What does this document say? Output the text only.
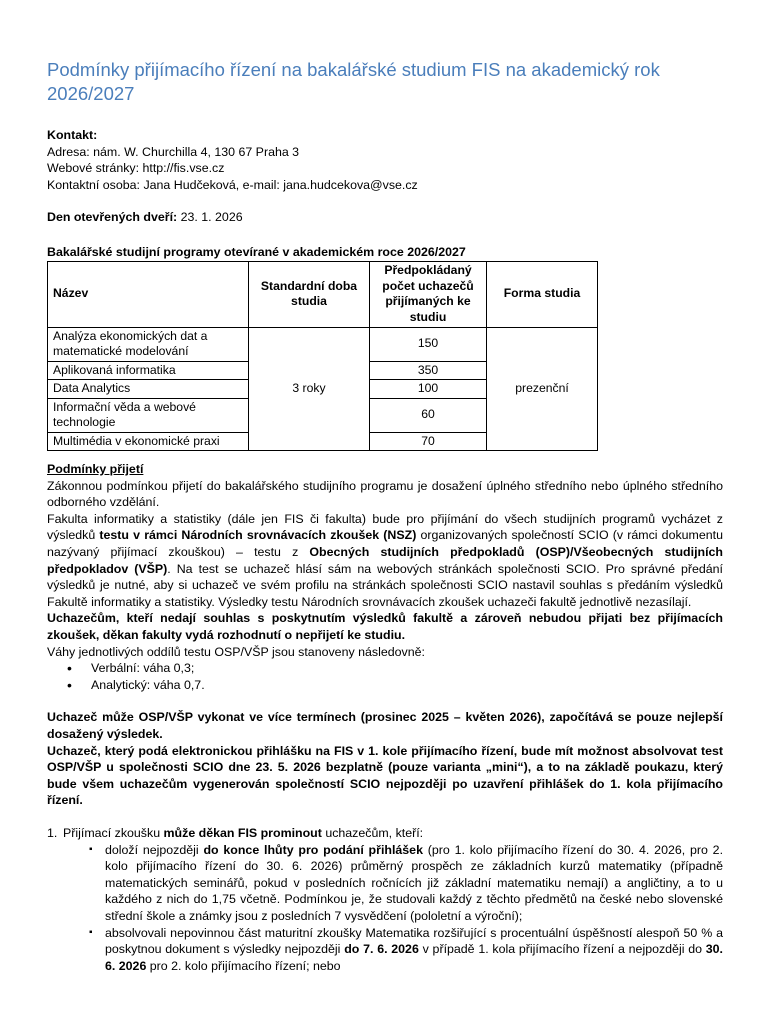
Podmínky přijímacího řízení na bakalářské studium FIS na akademický rok 2026/2027

Kontakt:

Adresa: nám. W. Churchilla 4, 130 67 Praha 3

Webové stránky: http://fis.vse.cz

Kontaktní osoba: Jana Hudčeková, e-mail: jana.hudcekova@vse.cz

Den otevřených dveří: 23. 1. 2026

Bakalářské studijní programy otevírané v akademickém roce 2026/2027

Název	Standardní doba studia	Předpokládaný počet uchazečů přijímaných ke studiu	Forma studia
Analýza ekonomických dat a matematické modelování	3 roky	150	prezenční
Aplikovaná informatika		350	
Data Analytics		100	
Informační věda a webové technologie		60	
Multimédia v ekonomické praxi		70	

Podmínky přijetí

Zákonnou podmínkou přijetí do bakalářského studijního programu je dosažení úplného středního nebo úplného středního odborného vzdělání.

Fakulta informatiky a statistiky (dále jen FIS či fakulta) bude pro přijímání do všech studijních programů vycházet z výsledků testu v rámci Národních srovnávacích zkoušek (NSZ) organizovaných společností SCIO (v rámci dokumentu nazývaný přijímací zkouškou) – testu z Obecných studijních předpokladů (OSP)/Všeobecných studijních předpokladov (VŠP). Na test se uchazeč hlásí sám na webových stránkách společnosti SCIO. Pro správné předání výsledků je nutné, aby si uchazeč ve svém profilu na stránkách společnosti SCIO nastavil souhlas s předáním výsledků Fakultě informatiky a statistiky. Výsledky testu Národních srovnávacích zkoušek uchazeči fakultě jednotlivě nezasílají.

Uchazečům, kteří nedají souhlas s poskytnutím výsledků fakultě a zároveň nebudou přijati bez přijímacích zkoušek, děkan fakulty vydá rozhodnutí o nepřijetí ke studiu.

Váhy jednotlivých oddílů testu OSP/VŠP jsou stanoveny následovně:

• Verbální: váha 0,3;
• Analytický: váha 0,7.

Uchazeč může OSP/VŠP vykonat ve více termínech (prosinec 2025 – květen 2026), započítává se pouze nejlepší dosažený výsledek.

Uchazeč, který podá elektronickou přihlášku na FIS v 1. kole přijímacího řízení, bude mít možnost absolvovat test OSP/VŠP u společnosti SCIO dne 23. 5. 2026 bezplatně (pouze varianta „mini“), a to na základě poukazu, který bude všem uchazečům vygenerován společností SCIO nejpozději po uzavření přihlášek do 1. kola přijímacího řízení.

1. Přijímací zkoušku může děkan FIS prominout uchazečům, kteří:

▪ doloží nejpozději do konce lhůty pro podání přihlášek (pro 1. kolo přijímacího řízení do 30. 4. 2026, pro 2. kolo přijímacího řízení do 30. 6. 2026) průměrný prospěch ze základních kurzů matematiky (případně matematických seminářů, pokud v posledních ročnících již základní matematiku nemají) a angličtiny, a to u každého z nich do 1,75 včetně. Podmínkou je, že studovali každý z těchto předmětů na české nebo slovenské střední škole a známky jsou z posledních 7 vysvědčení (pololetní a výroční);
▪ absolvovali nepovinnou část maturitní zkoušky Matematika rozšiřující s procentuální úspěšností alespoň 50 % a poskytnou dokument s výsledky nejpozději do 7. 6. 2026 v případě 1. kola přijímacího řízení a nejpozději do 30. 6. 2026 pro 2. kolo přijímacího řízení; nebo
